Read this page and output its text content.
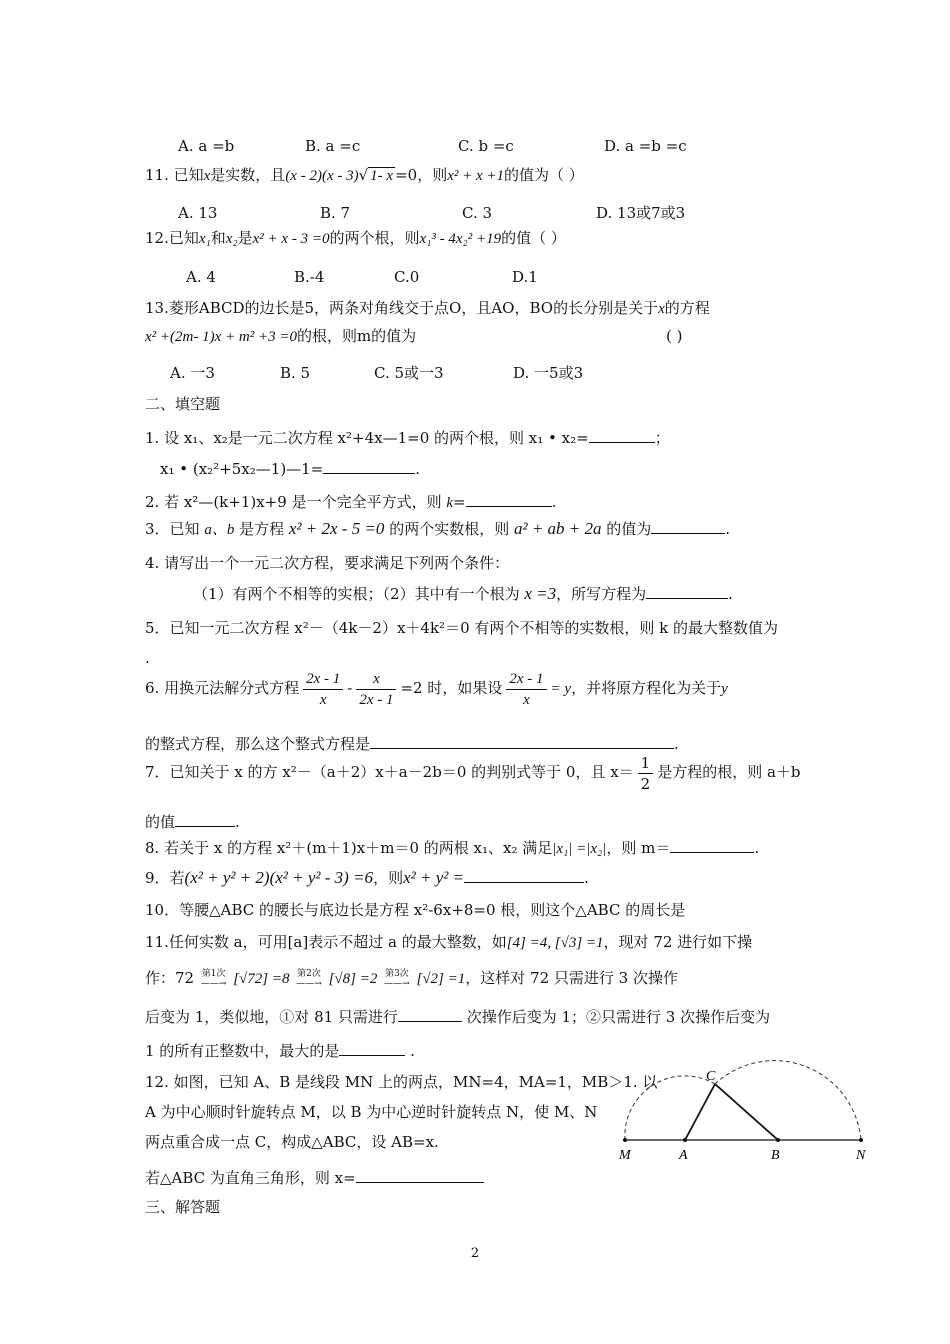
A. a =b	B. a =c	C. b =c	D. a =b =c
11. 已知x是实数，且(x - 2)(x - 3)√ 1- x =0，则x² + x +1的值为（ ）
A. 13	B. 7	C. 3	D. 13或7或3
12.已知x₁和x₂是x² + x - 3 =0的两个根，则x₁³ - 4x₂² +19的值（ ）
A. 4	B.-4	C.0	D.1
13.菱形ABCD的边长是5，两条对角线交于点O，且AO，BO的长分别是关于x的方程
x² +(2m- 1)x + m² +3 =0的根，则m的值为	( )
A. 一3	B. 5	C. 5或一3	D. 一5或3
二、填空题
1. 设 x₁、x₂是一元二次方程 x²+4x—1=0 的两个根，则 x₁ • x₂=	；
x₁ • (x₂²+5x₂—1)—1=	.
2. 若 x²—(k+1)x+9 是一个完全平方式，则 k=	.
3．已知 a、b 是方程 x² + 2x - 5 =0 的两个实数根，则 a² + ab + 2a 的值为	.
4. 请写出一个一元二次方程，要求满足下列两个条件：
（1）有两个不相等的实根；（2）其中有一个根为 x =3，所写方程为	.
5．已知一元二次方程 x²－（4k－2）x＋4k²＝0 有两个不相等的实数根，则 k 的最大整数值为
.
6. 用换元法解分式方程 $\frac{2x - 1}{x} - \frac{x}{2x - 1} =2$ 时，如果设 $\frac{2x - 1}{x} = y$，并将原方程化为关于y
的整式方程，那么这个整式方程是	.
7．已知关于 x 的方 x²－（a＋2）x＋a－2b＝0 的判别式等于 0，且 $x= \frac{1}{2}$ 是方程的根，则 a＋b
的值	.
8. 若关于 x 的方程 x²＋(m＋1)x＋m＝0 的两根 x₁、x₂ 满足|x₁| =|x₂|，则 m＝	.
9．若(x² + y² + 2)(x² + y² - 3) =6，则x² + y² =	.
10．等腰△ABC 的腰长与底边长是方程 x²-6x+8=0 根，则这个△ABC 的周长是
11.任何实数 a，可用[a]表示不超过 a 的最大整数，如[4] =4, [√3] =1，现对 72 进行如下操
作：72 第1次
——→ [√72] =8 第2次
——→ [√8] =2 第3次
——→ [√2] =1，这样对 72 只需进行 3 次操作
后变为 1，类似地，①对 81 只需进行	次操作后变为 1；②只需进行 3 次操作后变为
1 的所有正整数中，最大的是	.
12. 如图，已知 A、B 是线段 MN 上的两点，MN=4，MA=1，MB＞1. 以
A 为中心顺时针旋转点 M，以 B 为中心逆时针旋转点 N，使 M、N
两点重合成一点 C，构成△ABC，设 AB=x.
若△ABC 为直角三角形，则 x=
C
M	A	B	N
三、解答题
2
